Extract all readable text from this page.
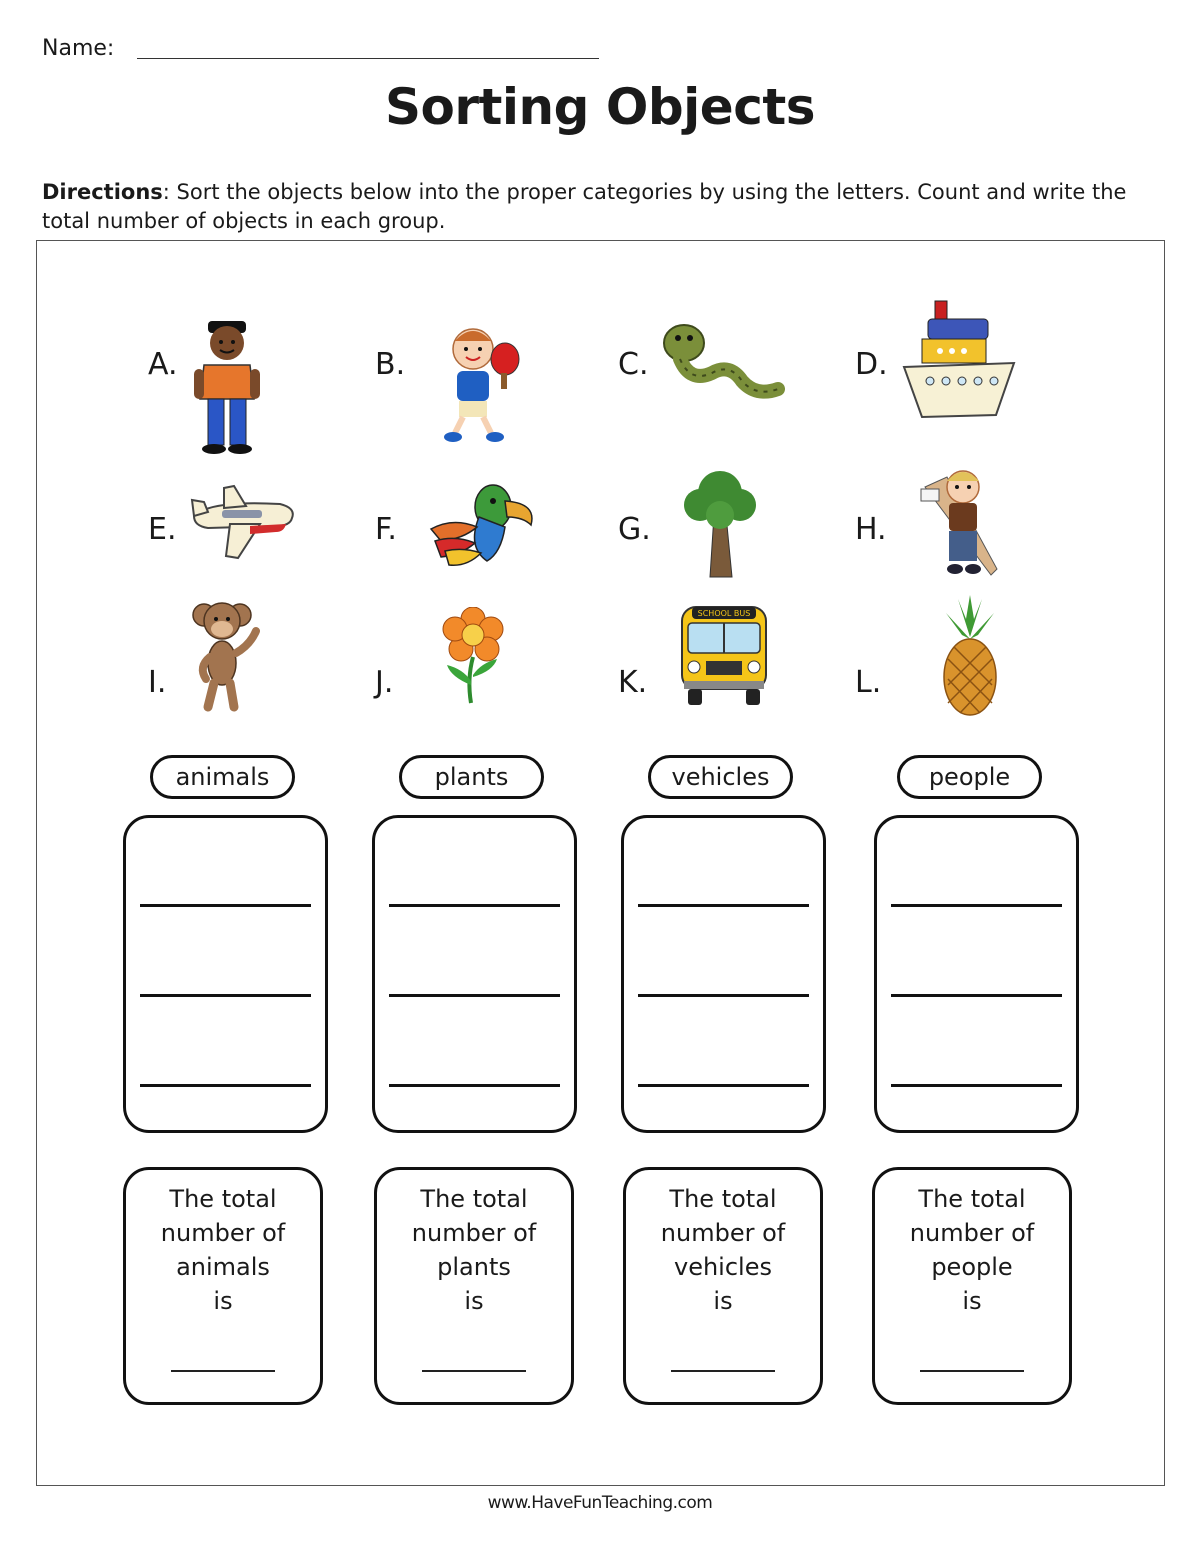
Name:
Sorting Objects
Directions: Sort the objects below into the proper categories by using the letters. Count and write the total number of objects in each group.
A.	B.	C.	D.
E.	F.	G.	H.
I.	J.	K.
SCHOOL BUS
L.
animals	plants	vehicles	people
The total
number of
animals
is
The total
number of
plants
is
The total
number of
vehicles
is
The total
number of
people
is
www.HaveFunTeaching.com
